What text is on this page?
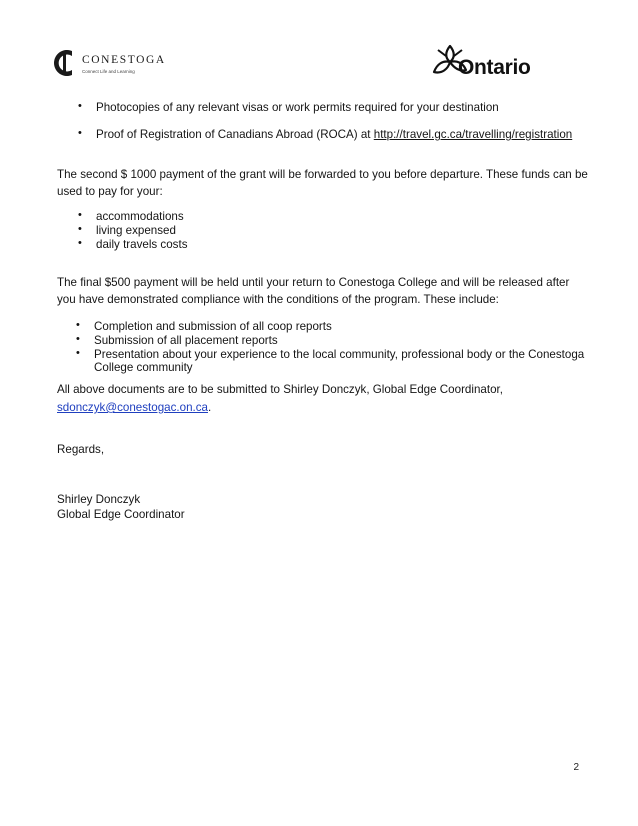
CONESTOGA
Connect Life and Learning	Ontario
• Photocopies of any relevant visas or work permits required for your destination
• Proof of Registration of Canadians Abroad (ROCA) at http://travel.gc.ca/travelling/registration
The second $ 1000 payment of the grant will be forwarded to you before departure. These funds can be
used to pay for your:
• accommodations
• living expensed
• daily travels costs
The final $500 payment will be held until your return to Conestoga College and will be released after
you have demonstrated compliance with the conditions of the program. These include:
• Completion and submission of all coop reports
• Submission of all placement reports
• Presentation about your experience to the local community, professional body or the Conestoga
College community
All above documents are to be submitted to Shirley Donczyk, Global Edge Coordinator,
sdonczyk@conestogac.on.ca.
Regards,
Shirley Donczyk
Global Edge Coordinator
2
